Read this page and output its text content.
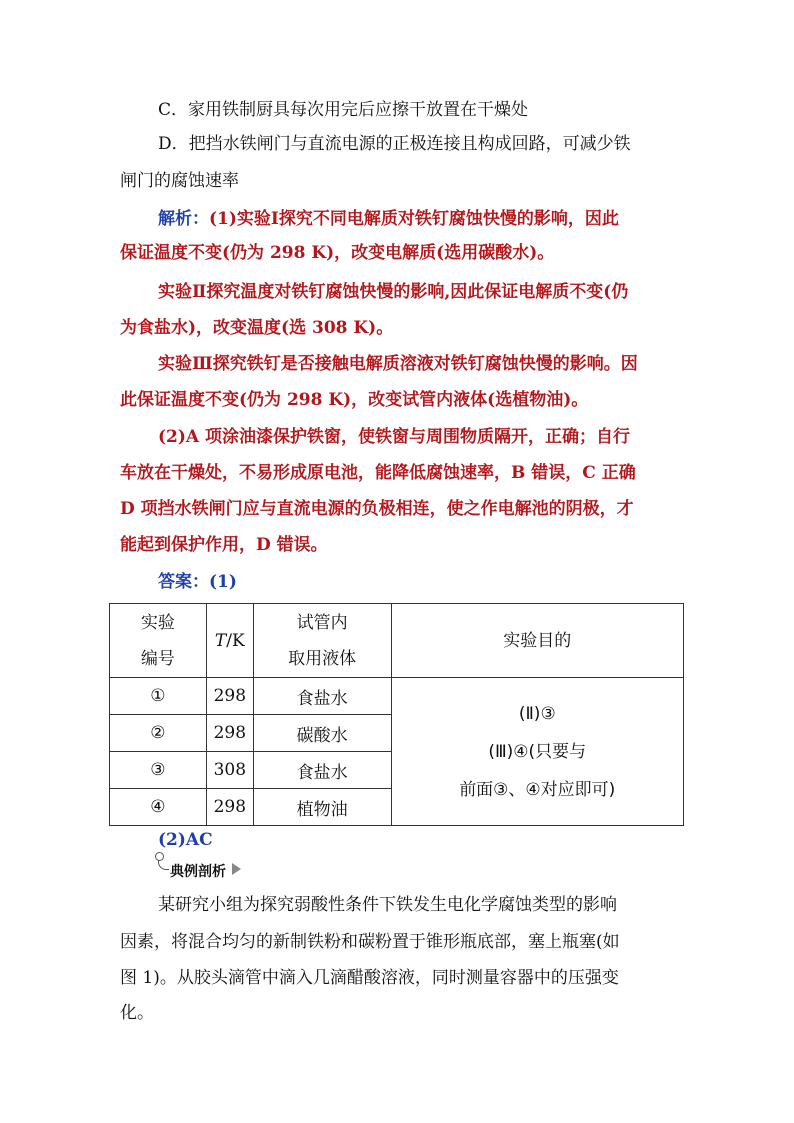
C．家用铁制厨具每次用完后应擦干放置在干燥处
D．把挡水铁闸门与直流电源的正极连接且构成回路，可减少铁
闸门的腐蚀速率
解析：(1)实验Ⅰ探究不同电解质对铁钉腐蚀快慢的影响，因此
保证温度不变(仍为 298 K)，改变电解质(选用碳酸水)。
实验Ⅱ探究温度对铁钉腐蚀快慢的影响,因此保证电解质不变(仍
为食盐水)，改变温度(选 308 K)。
实验Ⅲ探究铁钉是否接触电解质溶液对铁钉腐蚀快慢的影响。因
此保证温度不变(仍为 298 K)，改变试管内液体(选植物油)。
(2)A 项涂油漆保护铁窗，使铁窗与周围物质隔开，正确；自行
车放在干燥处，不易形成原电池，能降低腐蚀速率，B 错误，C 正确
D 项挡水铁闸门应与直流电源的负极相连，使之作电解池的阴极，才
能起到保护作用，D 错误。
答案：(1)
实验
编号	T/K	试管内
取用液体	实验目的
①	298	食盐水	(Ⅱ)③
(Ⅲ)④(只要与
前面③、④对应即可)
②	298	碳酸水	
③	308	食盐水	
④	298	植物油	
(2)AC
典例剖析
某研究小组为探究弱酸性条件下铁发生电化学腐蚀类型的影响
因素，将混合均匀的新制铁粉和碳粉置于锥形瓶底部，塞上瓶塞(如
图 1)。从胶头滴管中滴入几滴醋酸溶液，同时测量容器中的压强变
化。
